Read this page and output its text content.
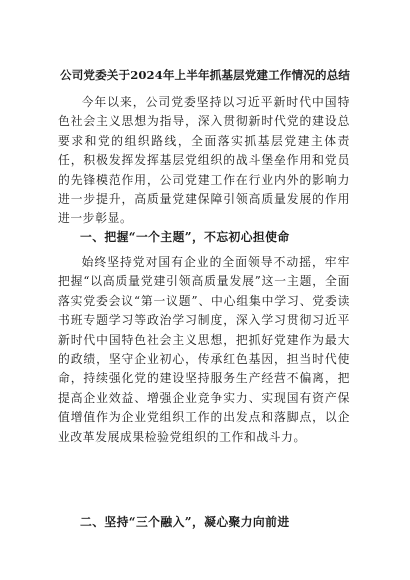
公司党委关于2024年上半年抓基层党建工作情况的总结
今年以来，公司党委坚持以习近平新时代中国特色社会主义思想为指导，深入贯彻新时代党的建设总要求和党的组织路线，全面落实抓基层党建主体责任，积极发挥发挥基层党组织的战斗堡垒作用和党员的先锋模范作用，公司党建工作在行业内外的影响力进一步提升，高质量党建保障引领高质量发展的作用进一步彰显。
一、把握“一个主题”，不忘初心担使命
始终坚持党对国有企业的全面领导不动摇，牢牢把握“以高质量党建引领高质量发展”这一主题，全面落实党委会议“第一议题”、中心组集中学习、党委读书班专题学习等政治学习制度，深入学习贯彻习近平新时代中国特色社会主义思想，把抓好党建作为最大的政绩，坚守企业初心，传承红色基因，担当时代使命，持续强化党的建设坚持服务生产经营不偏离，把提高企业效益、增强企业竞争实力、实现国有资产保值增值作为企业党组织工作的出发点和落脚点，以企业改革发展成果检验党组织的工作和战斗力。
二、坚持“三个融入”，凝心聚力向前进
